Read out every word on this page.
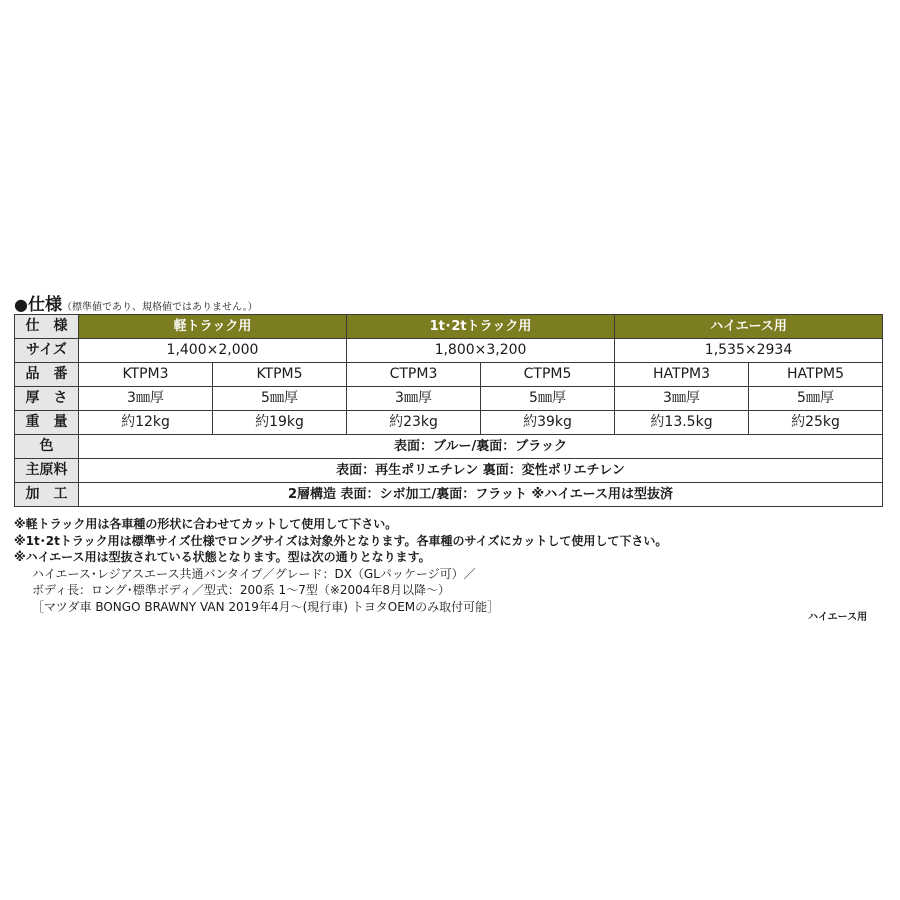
●仕様（標準値であり、規格値ではありません。）
仕　様	軽トラック用		1t･2tトラック用		ハイエース用	
サイズ	1,400×2,000		1,800×3,200		1,535×2934	
品　番	KTPM3	KTPM5	CTPM3	CTPM5	HATPM3	HATPM5
厚　さ	3㎜厚	5㎜厚	3㎜厚	5㎜厚	3㎜厚	5㎜厚
重　量	約12kg	約19kg	約23kg	約39kg	約13.5kg	約25kg
色	表面：ブルー/裏面：ブラック					
主原料	表面：再生ポリエチレン 裏面：変性ポリエチレン					
加　工	2層構造 表面：シボ加工/裏面：フラット ※ハイエース用は型抜済					
※軽トラック用は各車種の形状に合わせてカットして使用して下さい。
※1t･2tトラック用は標準サイズ仕様でロングサイズは対象外となります。各車種のサイズにカットして使用して下さい。
※ハイエース用は型抜されている状態となります。型は次の通りとなります。
ハイエース･レジアスエース共通バンタイプ／グレード：DX（GLパッケージ可）／
ボディ長：ロング･標準ボディ／型式：200系 1～7型（※2004年8月以降～）
［マツダ車 BONGO BRAWNY VAN 2019年4月～(現行車) トヨタOEMのみ取付可能］
ハイエース用
